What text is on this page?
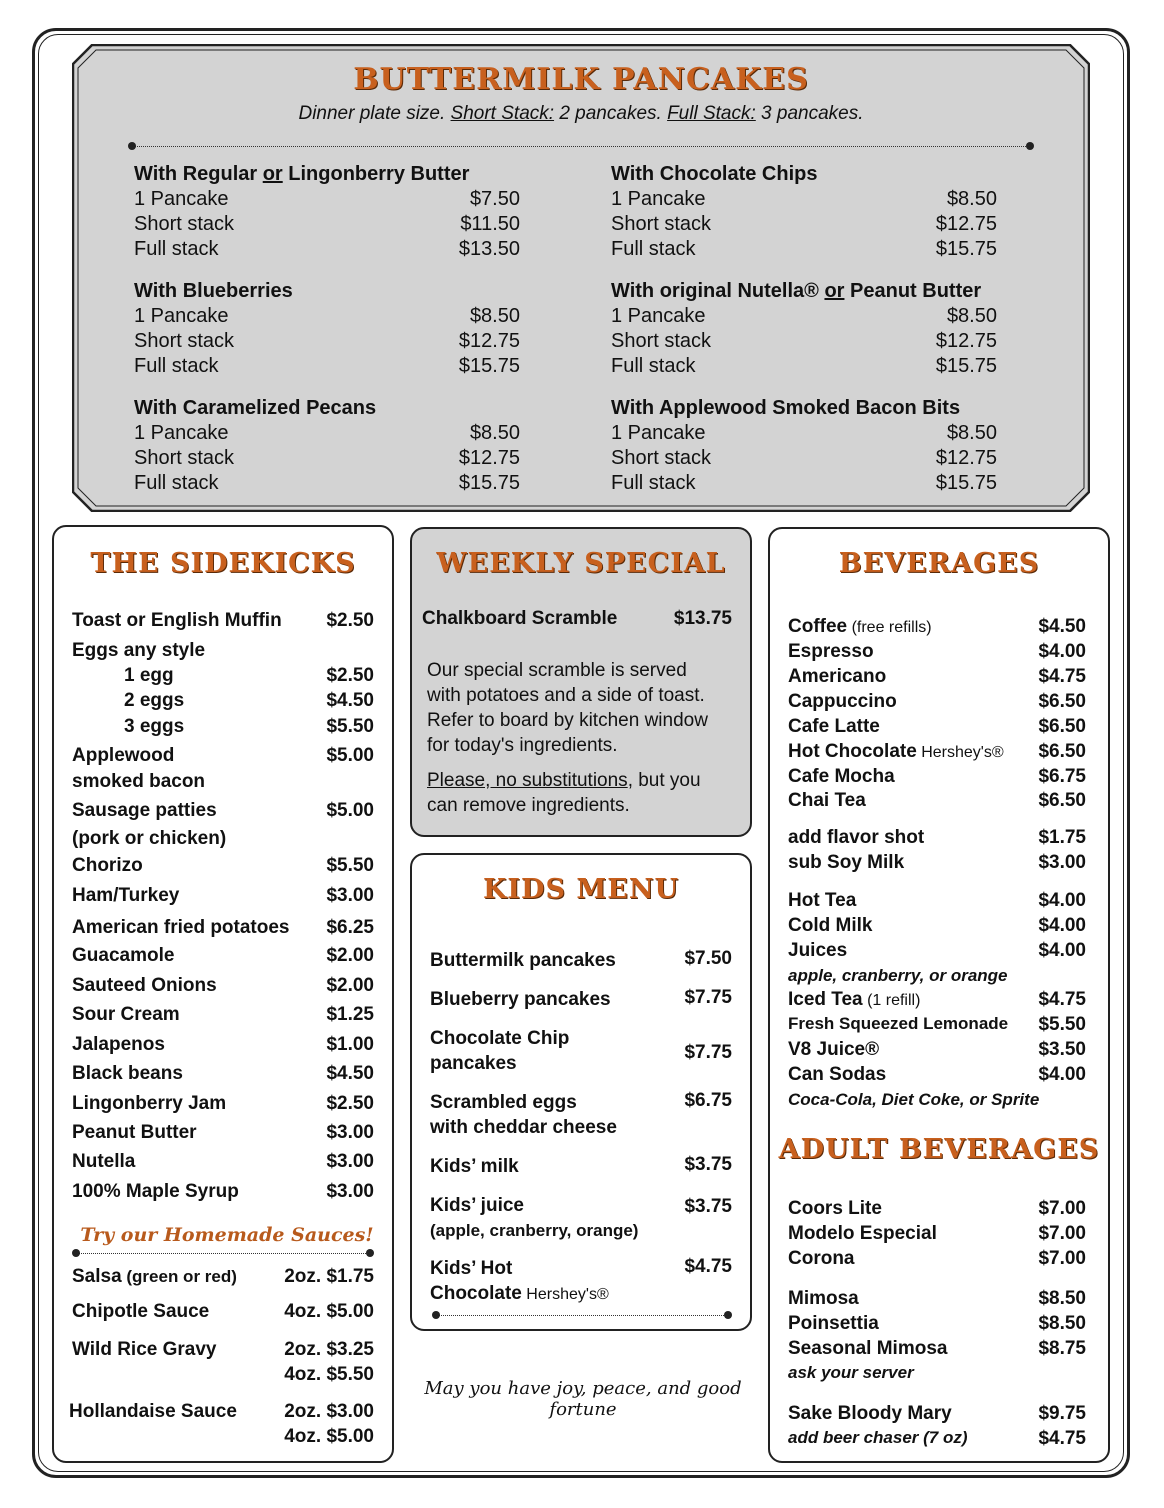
BUTTERMILK PANCAKES
Dinner plate size. Short Stack: 2 pancakes. Full Stack: 3 pancakes.
With Regular or Lingonberry Butter
1 Pancake	$7.50
Short stack	$11.50
Full stack	$13.50
With Chocolate Chips
1 Pancake	$8.50
Short stack	$12.75
Full stack	$15.75
With Blueberries
1 Pancake	$8.50
Short stack	$12.75
Full stack	$15.75
With original Nutella® or Peanut Butter
1 Pancake	$8.50
Short stack	$12.75
Full stack	$15.75
With Caramelized Pecans
1 Pancake	$8.50
Short stack	$12.75
Full stack	$15.75
With Applewood Smoked Bacon Bits
1 Pancake	$8.50
Short stack	$12.75
Full stack	$15.75
THE SIDEKICKS
Toast or English Muffin	$2.50
Eggs any style
1 egg	$2.50
2 eggs	$4.50
3 eggs	$5.50
Applewood	$5.00
smoked bacon
Sausage patties	$5.00
(pork or chicken)
Chorizo	$5.50
Ham/Turkey	$3.00
American fried potatoes	$6.25
Guacamole	$2.00
Sauteed Onions	$2.00
Sour Cream	$1.25
Jalapenos	$1.00
Black beans	$4.50
Lingonberry Jam	$2.50
Peanut Butter	$3.00
Nutella	$3.00
100% Maple Syrup	$3.00
Try our Homemade Sauces!
Salsa (green or red)	2oz. $1.75
Chipotle Sauce	4oz. $5.00
Wild Rice Gravy	2oz. $3.25
4oz. $5.50
Hollandaise Sauce	2oz. $3.00
4oz. $5.00
WEEKLY SPECIAL
Chalkboard Scramble	$13.75
Our special scramble is served
with potatoes and a side of toast.
Refer to board by kitchen window
for today's ingredients.
Please, no substitutions, but you
can remove ingredients.
KIDS MENU
Buttermilk pancakes	$7.50
Blueberry pancakes	$7.75
Chocolate Chip
pancakes
$7.75
Scrambled eggs
with cheddar cheese
$6.75
Kids’ milk	$3.75
Kids’ juice
(apple, cranberry, orange)
$3.75
Kids’ Hot
Chocolate Hershey's®
$4.75
May you have joy, peace, and good fortune
BEVERAGES
Coffee (free refills)	$4.50
Espresso	$4.00
Americano	$4.75
Cappuccino	$6.50
Cafe Latte	$6.50
Hot Chocolate Hershey's®	$6.50
Cafe Mocha	$6.75
Chai Tea	$6.50
add flavor shot	$1.75
sub Soy Milk	$3.00
Hot Tea	$4.00
Cold Milk	$4.00
Juices	$4.00
apple, cranberry, or orange
Iced Tea (1 refill)	$4.75
Fresh Squeezed Lemonade	$5.50
V8 Juice®	$3.50
Can Sodas	$4.00
Coca-Cola, Diet Coke, or Sprite
ADULT BEVERAGES
Coors Lite	$7.00
Modelo Especial	$7.00
Corona	$7.00
Mimosa	$8.50
Poinsettia	$8.50
Seasonal Mimosa	$8.75
ask your server
Sake Bloody Mary	$9.75
add beer chaser (7 oz)	$4.75
